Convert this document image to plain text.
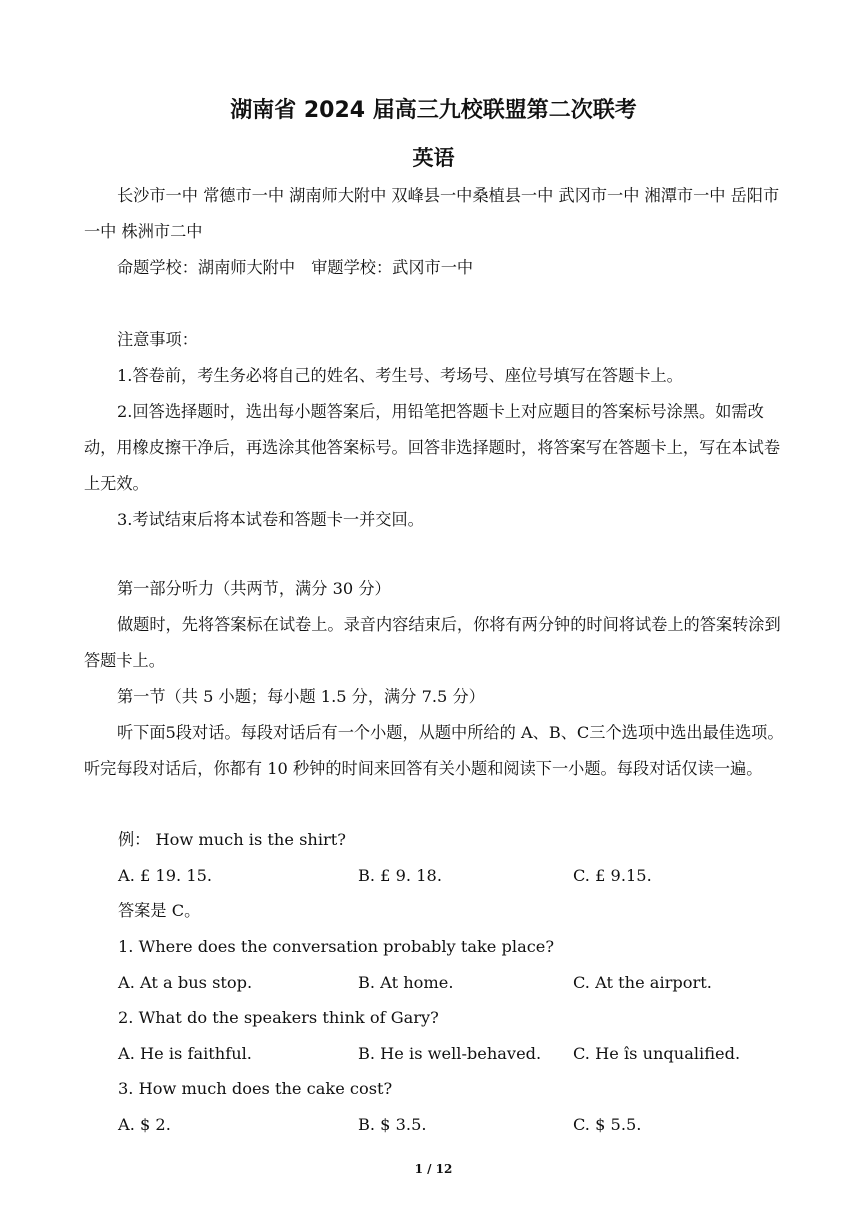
湖南省 2024 届高三九校联盟第二次联考
英语

长沙市一中 常德市一中 湖南师大附中 双峰县一中桑植县一中 武冈市一中 湘潭市一中 岳阳市一中 株洲市二中

命题学校：湖南师大附中　审题学校：武冈市一中

注意事项：

1.答卷前，考生务必将自己的姓名、考生号、考场号、座位号填写在答题卡上。

2.回答选择题时，选出每小题答案后，用铅笔把答题卡上对应题目的答案标号涂黑。如需改动，用橡皮擦干净后，再选涂其他答案标号。回答非选择题时，将答案写在答题卡上，写在本试卷上无效。

3.考试结束后将本试卷和答题卡一并交回。

第一部分听力（共两节，满分 30 分）

做题时，先将答案标在试卷上。录音内容结束后，你将有两分钟的时间将试卷上的答案转涂到答题卡上。

第一节（共 5 小题；每小题 1.5 分，满分 7.5 分）

听下面5段对话。每段对话后有一个小题，从题中所给的 A、B、C三个选项中选出最佳选项。听完每段对话后，你都有 10 秒钟的时间来回答有关小题和阅读下一小题。每段对话仅读一遍。

例： How much is the shirt?
A. £ 19. 15.	B. £ 9. 18.	C. £ 9.15.
答案是 C。
1. Where does the conversation probably take place?
A. At a bus stop.	B. At home.	C. At the airport.
2. What do the speakers think of Gary?
A. He is faithful.	B. He is well-behaved. C. He îs unqualified.
3. How much does the cake cost?
A. $ 2.	B. $ 3.5.	C. $ 5.5.
1 / 12
